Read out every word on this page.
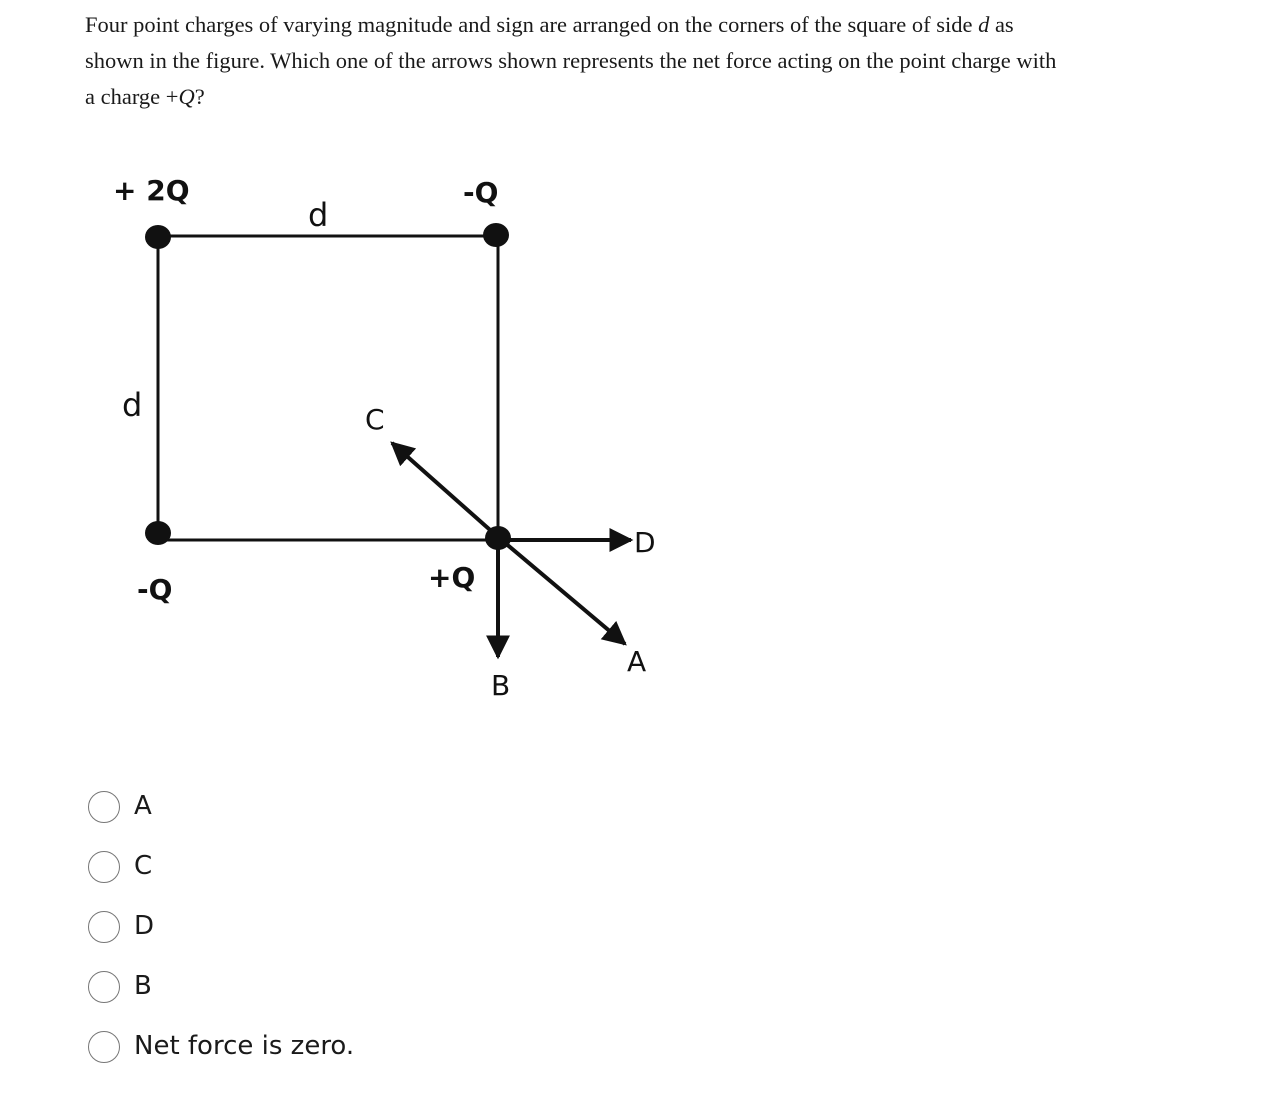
Four point charges of varying magnitude and sign are arranged on the corners of the square of side d as
shown in the figure. Which one of the arrows shown represents the net force acting on the point charge with
a charge +Q?

+ 2Q	-Q
-Q	+Q
d
d	C
D
A
B
A
C
D
B
Net force is zero.
